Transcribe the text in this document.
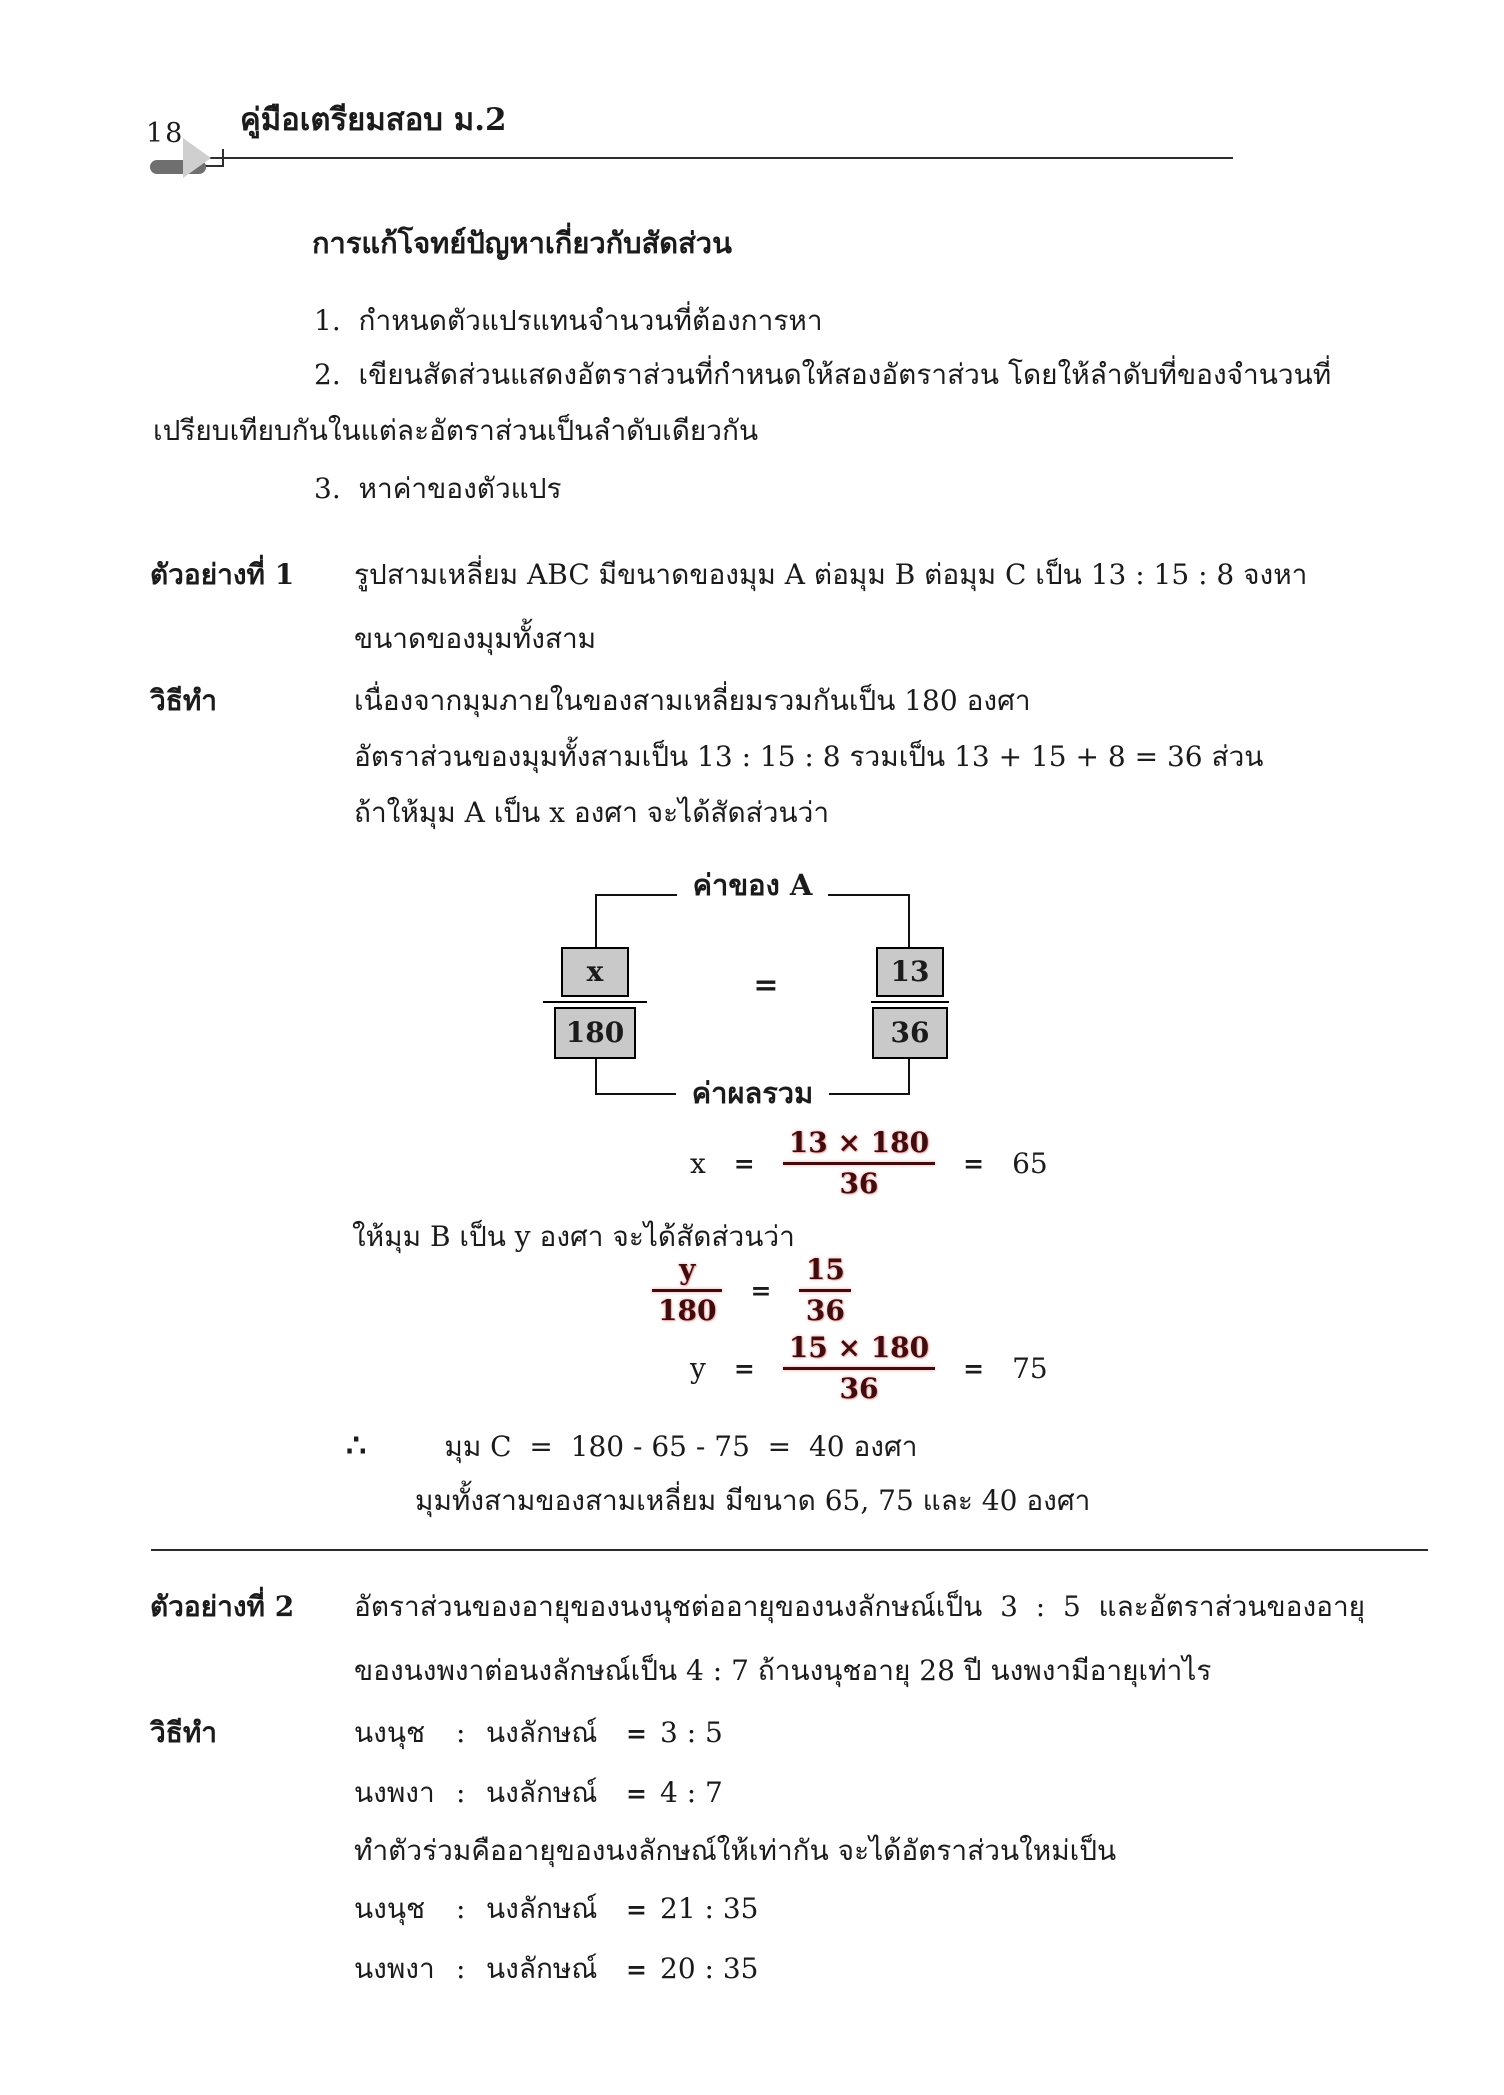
18 คู่มือเตรียมสอบ ม.2
การแก้โจทย์ปัญหาเกี่ยวกับสัดส่วน
1.  กำหนดตัวแปรแทนจำนวนที่ต้องการหา
2.  เขียนสัดส่วนแสดงอัตราส่วนที่กำหนดให้สองอัตราส่วน โดยให้ลำดับที่ของจำนวนที่
เปรียบเทียบกันในแต่ละอัตราส่วนเป็นลำดับเดียวกัน
3.  หาค่าของตัวแปร
ตัวอย่างที่ 1 รูปสามเหลี่ยม ABC มีขนาดของมุม A ต่อมุม B ต่อมุม C เป็น 13 : 15 : 8 จงหา
ขนาดของมุมทั้งสาม
วิธีทำ	เนื่องจากมุมภายในของสามเหลี่ยมรวมกันเป็น 180 องศา
อัตราส่วนของมุมทั้งสามเป็น 13 : 15 : 8 รวมเป็น 13 + 15 + 8 = 36 ส่วน
ถ้าให้มุม A เป็น x องศา จะได้สัดส่วนว่า
ค่าของ A
$\frac{x}{180}$	=	$\frac{13}{36}$
ค่าผลรวม
$x = \frac{13 \times 180}{36} = 65$
ให้มุม B เป็น y องศา จะได้สัดส่วนว่า
$\frac{y}{180} = \frac{15}{36}$
$y = \frac{15 \times 180}{36} = 75$
∴	มุม C  =  180 - 65 - 75  =  40 องศา
มุมทั้งสามของสามเหลี่ยม มีขนาด 65, 75 และ 40 องศา
ตัวอย่างที่ 2 อัตราส่วนของอายุของนงนุชต่ออายุของนงลักษณ์เป็น  3  :  5  และอัตราส่วนของอายุ
ของนงพงาต่อนงลักษณ์เป็น 4 : 7 ถ้านงนุชอายุ 28 ปี นงพงามีอายุเท่าไร
วิธีทำ	นงนุช	: นงลักษณ์	= 3 : 5
นงพงา : นงลักษณ์	= 4 : 7
ทำตัวร่วมคืออายุของนงลักษณ์ให้เท่ากัน จะได้อัตราส่วนใหม่เป็น
นงนุช	: นงลักษณ์	= 21 : 35
นงพงา : นงลักษณ์	= 20 : 35
